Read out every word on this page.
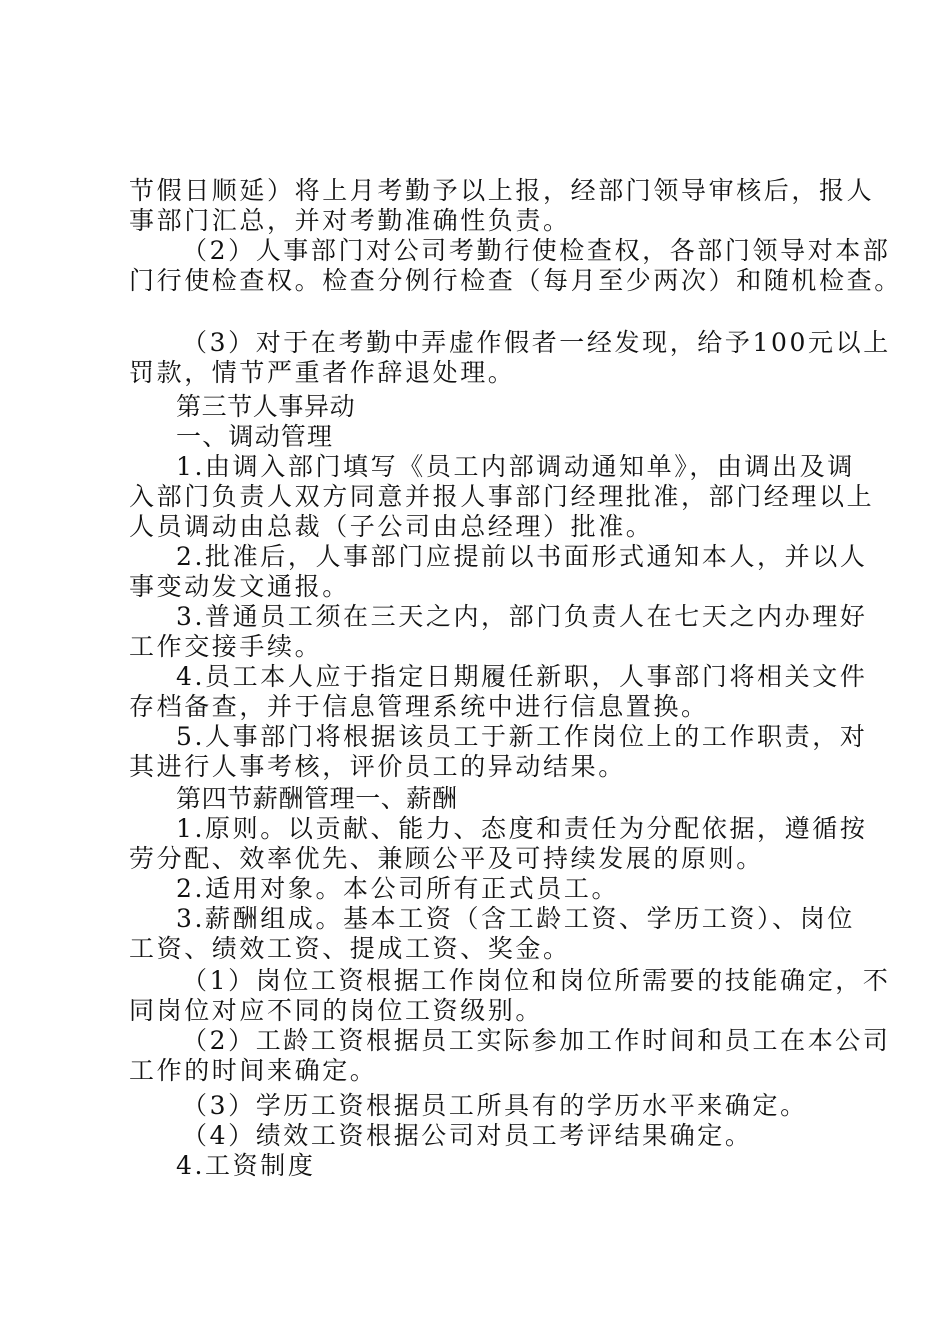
节假日顺延）将上月考勤予以上报，经部门领导审核后，报人
事部门汇总，并对考勤准确性负责。
（2）人事部门对公司考勤行使检查权，各部门领导对本部
门行使检查权。检查分例行检查（每月至少两次）和随机检查。
（3）对于在考勤中弄虚作假者一经发现，给予100元以上
罚款，情节严重者作辞退处理。
第三节人事异动
一、调动管理
1.由调入部门填写《员工内部调动通知单》，由调出及调
入部门负责人双方同意并报人事部门经理批准，部门经理以上
人员调动由总裁（子公司由总经理）批准。
2.批准后，人事部门应提前以书面形式通知本人，并以人
事变动发文通报。
3.普通员工须在三天之内，部门负责人在七天之内办理好
工作交接手续。
4.员工本人应于指定日期履任新职，人事部门将相关文件
存档备查，并于信息管理系统中进行信息置换。
5.人事部门将根据该员工于新工作岗位上的工作职责，对
其进行人事考核，评价员工的异动结果。
第四节薪酬管理一、薪酬
1.原则。以贡献、能力、态度和责任为分配依据，遵循按
劳分配、效率优先、兼顾公平及可持续发展的原则。
2.适用对象。本公司所有正式员工。
3.薪酬组成。基本工资（含工龄工资、学历工资）、岗位
工资、绩效工资、提成工资、奖金。
（1）岗位工资根据工作岗位和岗位所需要的技能确定，不
同岗位对应不同的岗位工资级别。
（2）工龄工资根据员工实际参加工作时间和员工在本公司
工作的时间来确定。
（3）学历工资根据员工所具有的学历水平来确定。
（4）绩效工资根据公司对员工考评结果确定。
4.工资制度
